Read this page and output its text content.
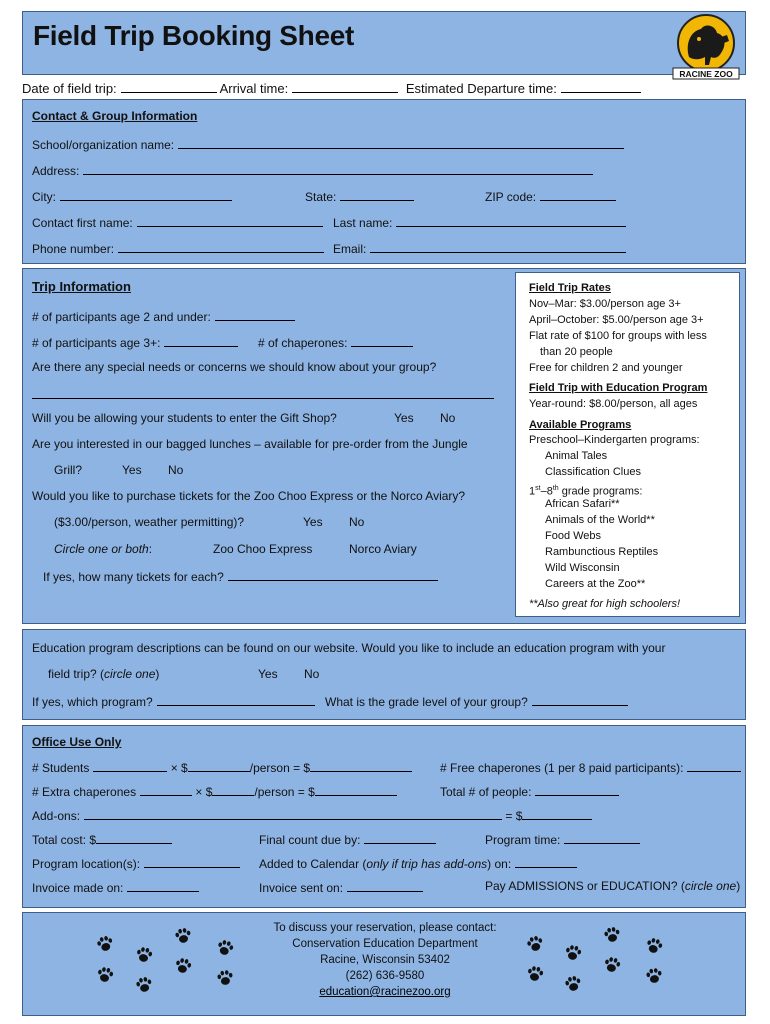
Field Trip Booking Sheet
RACINE ZOO
Date of field trip:	Arrival time:	Estimated Departure time:
Contact & Group Information
School/organization name:
Address:
City:	State:	ZIP code:
Contact first name:	Last name:
Phone number:	Email:
Trip Information
# of participants age 2 and under:
# of participants age 3+:	# of chaperones:
Are there any special needs or concerns we should know about your group?
Will you be allowing your students to enter the Gift Shop?	Yes No
Are you interested in our bagged lunches – available for pre-order from the Jungle
Grill?	Yes No
Would you like to purchase tickets for the Zoo Choo Express or the Norco Aviary?
($3.00/person, weather permitting)?	Yes No
Circle one or both:	Zoo Choo Express	Norco Aviary
If yes, how many tickets for each?
Field Trip Rates
Nov–Mar: $3.00/person age 3+
April–October: $5.00/person age 3+
Flat rate of $100 for groups with less
than 20 people
Free for children 2 and younger
Field Trip with Education Program
Year-round: $8.00/person, all ages
Available Programs
Preschool–Kindergarten programs:
Animal Tales
Classification Clues
1st–8th grade programs:
African Safari**
Animals of the World**
Food Webs
Rambunctious Reptiles
Wild Wisconsin
Careers at the Zoo**
**Also great for high schoolers!
Education program descriptions can be found on our website. Would you like to include an education program with your
field trip? (circle one)	Yes No
If yes, which program?	What is the grade level of your group?
Office Use Only
# Students	× $	/person = $	# Free chaperones (1 per 8 paid participants):
# Extra chaperones	× $	/person = $	Total # of people:
Add-ons:	= $
Total cost: $	Final count due by:	Program time:
Program location(s):	Added to Calendar (only if trip has add-ons) on:
Invoice made on:	Invoice sent on:	Pay ADMISSIONS or EDUCATION? (circle one)
To discuss your reservation, please contact:
Conservation Education Department
Racine, Wisconsin 53402
(262) 636-9580
education@racinezoo.org
